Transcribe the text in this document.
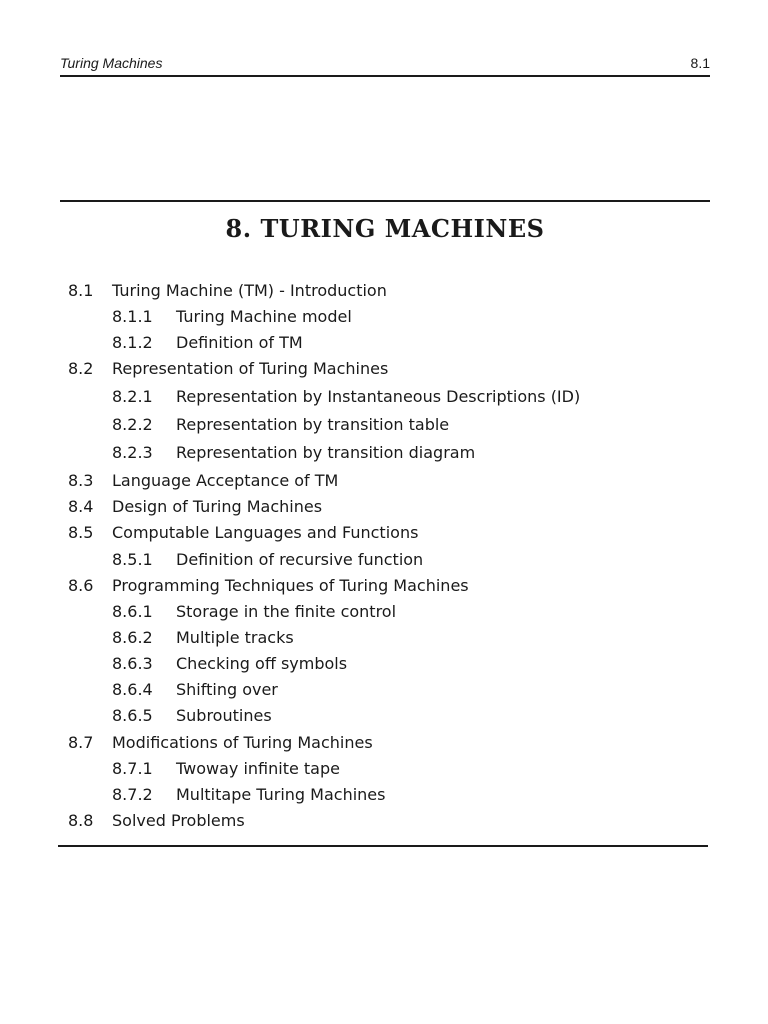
Turing Machines	8.1
8. TURING MACHINES
8.1 Turing Machine (TM) - Introduction
8.1.1 Turing Machine model
8.1.2 Definition of TM
8.2 Representation of Turing Machines
8.2.1 Representation by Instantaneous Descriptions (ID)
8.2.2 Representation by transition table
8.2.3 Representation by transition diagram
8.3 Language Acceptance of TM
8.4 Design of Turing Machines
8.5 Computable Languages and Functions
8.5.1 Definition of recursive function
8.6 Programming Techniques of Turing Machines
8.6.1 Storage in the finite control
8.6.2 Multiple tracks
8.6.3 Checking off symbols
8.6.4 Shifting over
8.6.5 Subroutines
8.7 Modifications of Turing Machines
8.7.1 Twoway infinite tape
8.7.2 Multitape Turing Machines
8.8 Solved Problems
